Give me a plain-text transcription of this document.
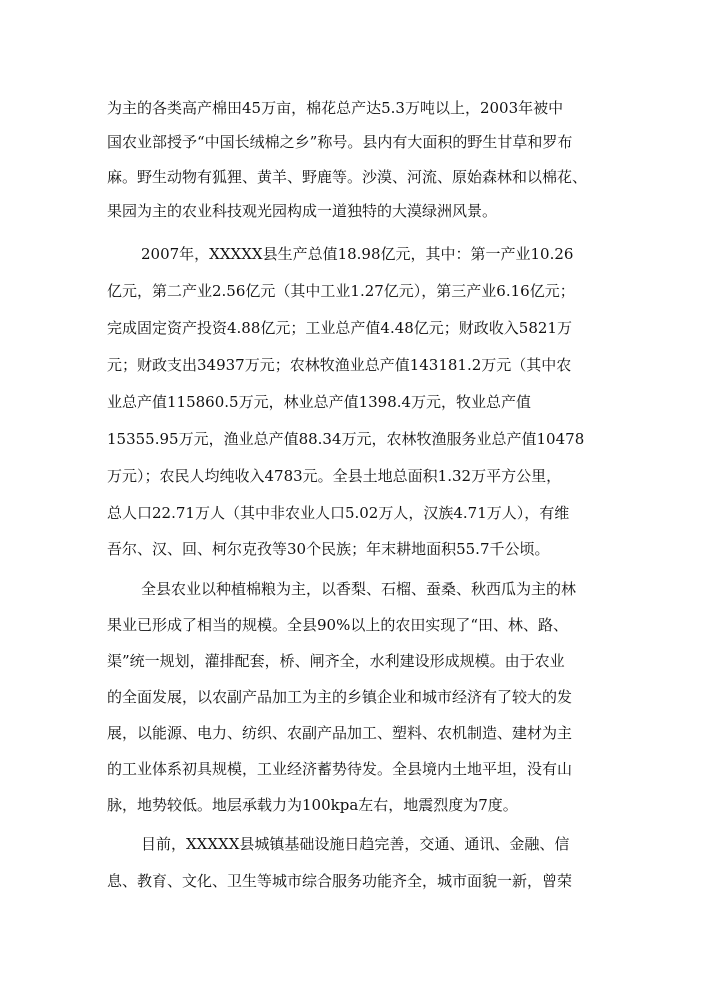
为主的各类高产棉田45万亩，棉花总产达5.3万吨以上，2003年被中
国农业部授予“中国长绒棉之乡”称号。县内有大面积的野生甘草和罗布
麻。野生动物有狐狸、黄羊、野鹿等。沙漠、河流、原始森林和以棉花、
果园为主的农业科技观光园构成一道独特的大漠绿洲风景。
2007年，XXXXX县生产总值18.98亿元，其中：第一产业10.26
亿元，第二产业2.56亿元（其中工业1.27亿元），第三产业6.16亿元；
完成固定资产投资4.88亿元；工业总产值4.48亿元；财政收入5821万
元；财政支出34937万元；农林牧渔业总产值143181.2万元（其中农
业总产值115860.5万元，林业总产值1398.4万元，牧业总产值
15355.95万元，渔业总产值88.34万元，农林牧渔服务业总产值10478
万元）；农民人均纯收入4783元。全县土地总面积1.32万平方公里，
总人口22.71万人（其中非农业人口5.02万人，汉族4.71万人），有维
吾尔、汉、回、柯尔克孜等30个民族；年末耕地面积55.7千公顷。
全县农业以种植棉粮为主，以香梨、石榴、蚕桑、秋西瓜为主的林
果业已形成了相当的规模。全县90%以上的农田实现了“田、林、路、
渠”统一规划，灌排配套，桥、闸齐全，水利建设形成规模。由于农业
的全面发展，以农副产品加工为主的乡镇企业和城市经济有了较大的发
展，以能源、电力、纺织、农副产品加工、塑料、农机制造、建材为主
的工业体系初具规模，工业经济蓄势待发。全县境内土地平坦，没有山
脉，地势较低。地层承载力为100kpa左右，地震烈度为7度。
目前，XXXXX县城镇基础设施日趋完善，交通、通讯、金融、信
息、教育、文化、卫生等城市综合服务功能齐全，城市面貌一新，曾荣
